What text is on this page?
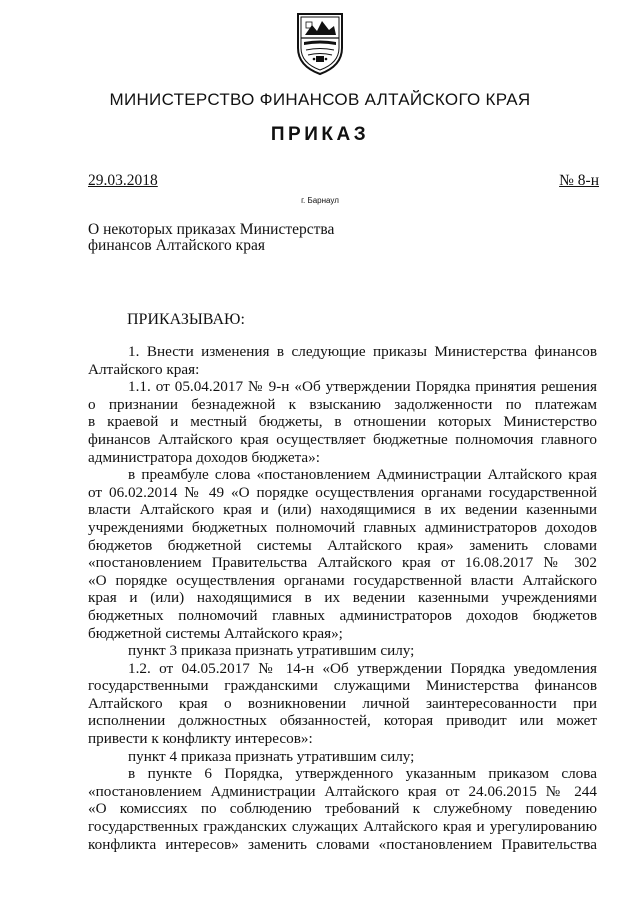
МИНИСТЕРСТВО ФИНАНСОВ АЛТАЙСКОГО КРАЯ
ПРИКАЗ
29.03.2018	№ 8-н
г. Барнаул
О некоторых приказах Министерства
финансов Алтайского края
ПРИКАЗЫВАЮ:
1. Внести изменения в следующие приказы Министерства финансов
Алтайского края:
1.1. от 05.04.2017 № 9-н «Об утверждении Порядка принятия решения
о признании безнадежной к взысканию задолженности по платежам
в краевой и местный бюджеты, в отношении которых Министерство
финансов Алтайского края осуществляет бюджетные полномочия главного
администратора доходов бюджета»:
в преамбуле слова «постановлением Администрации Алтайского края
от 06.02.2014 № 49 «О порядке осуществления органами государственной
власти Алтайского края и (или) находящимися в их ведении казенными
учреждениями бюджетных полномочий главных администраторов доходов
бюджетов бюджетной системы Алтайского края» заменить словами
«постановлением Правительства Алтайского края от 16.08.2017 № 302
«О порядке осуществления органами государственной власти Алтайского
края и (или) находящимися в их ведении казенными учреждениями
бюджетных полномочий главных администраторов доходов бюджетов
бюджетной системы Алтайского края»;
пункт 3 приказа признать утратившим силу;
1.2. от 04.05.2017 № 14-н «Об утверждении Порядка уведомления
государственными гражданскими служащими Министерства финансов
Алтайского края о возникновении личной заинтересованности при
исполнении должностных обязанностей, которая приводит или может
привести к конфликту интересов»:
пункт 4 приказа признать утратившим силу;
в пункте 6 Порядка, утвержденного указанным приказом слова
«постановлением Администрации Алтайского края от 24.06.2015 № 244
«О комиссиях по соблюдению требований к служебному поведению
государственных гражданских служащих Алтайского края и урегулированию
конфликта интересов» заменить словами «постановлением Правительства
